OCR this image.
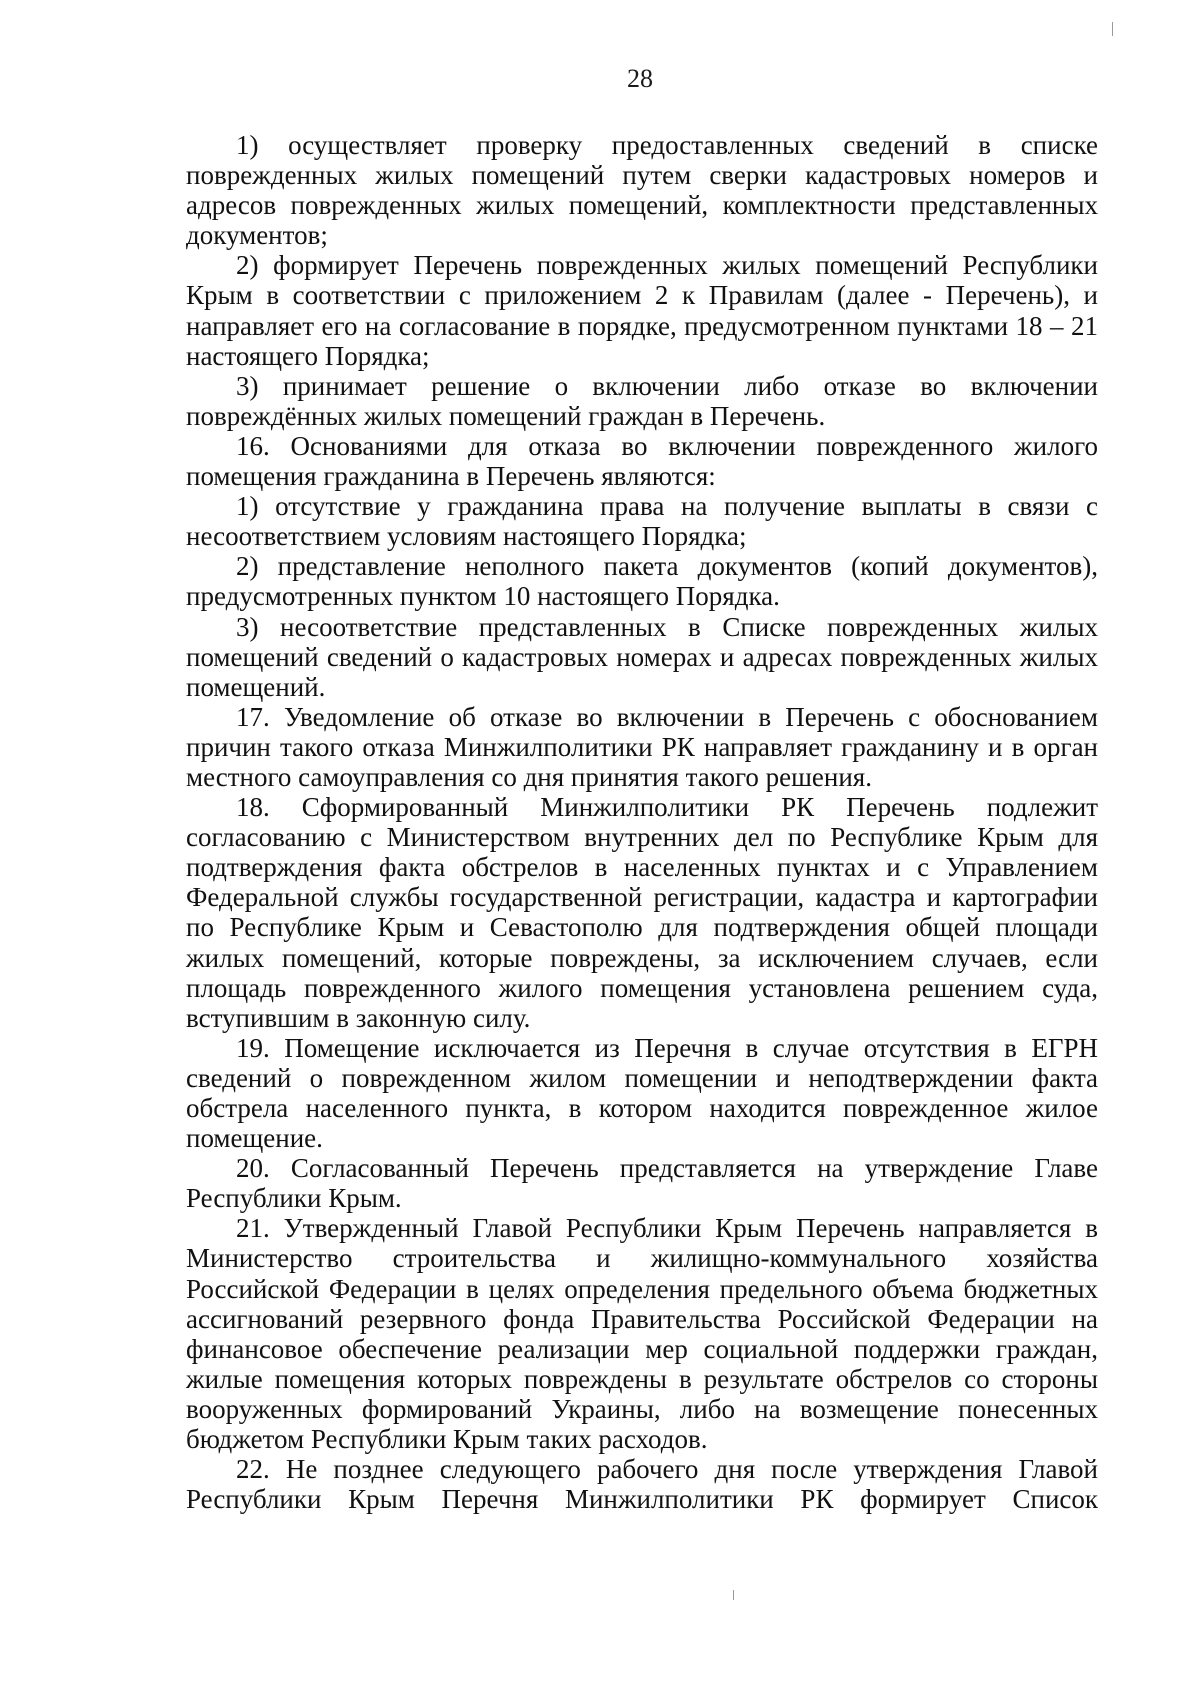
28

1) осуществляет проверку предоставленных сведений в списке поврежденных жилых помещений путем сверки кадастровых номеров и адресов поврежденных жилых помещений, комплектности представленных документов;

2) формирует Перечень поврежденных жилых помещений Республики Крым в соответствии с приложением 2 к Правилам (далее - Перечень), и направляет его на согласование в порядке, предусмотренном пунктами 18 – 21 настоящего Порядка;

3) принимает решение о включении либо отказе во включении повреждённых жилых помещений граждан в Перечень.

16. Основаниями для отказа во включении поврежденного жилого помещения гражданина в Перечень являются:

1) отсутствие у гражданина права на получение выплаты в связи с несоответствием условиям настоящего Порядка;

2) представление неполного пакета документов (копий документов), предусмотренных пунктом 10 настоящего Порядка.

3) несоответствие представленных в Списке поврежденных жилых помещений сведений о кадастровых номерах и адресах поврежденных жилых помещений.

17. Уведомление об отказе во включении в Перечень с обоснованием причин такого отказа Минжилполитики РК направляет гражданину и в орган местного самоуправления со дня принятия такого решения.

18. Сформированный Минжилполитики РК Перечень подлежит согласованию с Министерством внутренних дел по Республике Крым для подтверждения факта обстрелов в населенных пунктах и с Управлением Федеральной службы государственной регистрации, кадастра и картографии по Республике Крым и Севастополю для подтверждения общей площади жилых помещений, которые повреждены, за исключением случаев, если площадь поврежденного жилого помещения установлена решением суда, вступившим в законную силу.

19. Помещение исключается из Перечня в случае отсутствия в ЕГРН сведений о поврежденном жилом помещении и неподтверждении факта обстрела населенного пункта, в котором находится поврежденное жилое помещение.

20. Согласованный Перечень представляется на утверждение Главе Республики Крым.

21. Утвержденный Главой Республики Крым Перечень направляется в Министерство строительства и жилищно-коммунального хозяйства Российской Федерации в целях определения предельного объема бюджетных ассигнований резервного фонда Правительства Российской Федерации на финансовое обеспечение реализации мер социальной поддержки граждан, жилые помещения которых повреждены в результате обстрелов со стороны вооруженных формирований Украины, либо на возмещение понесенных бюджетом Республики Крым таких расходов.

22. Не позднее следующего рабочего дня после утверждения Главой Республики Крым Перечня Минжилполитики РК формирует Список
